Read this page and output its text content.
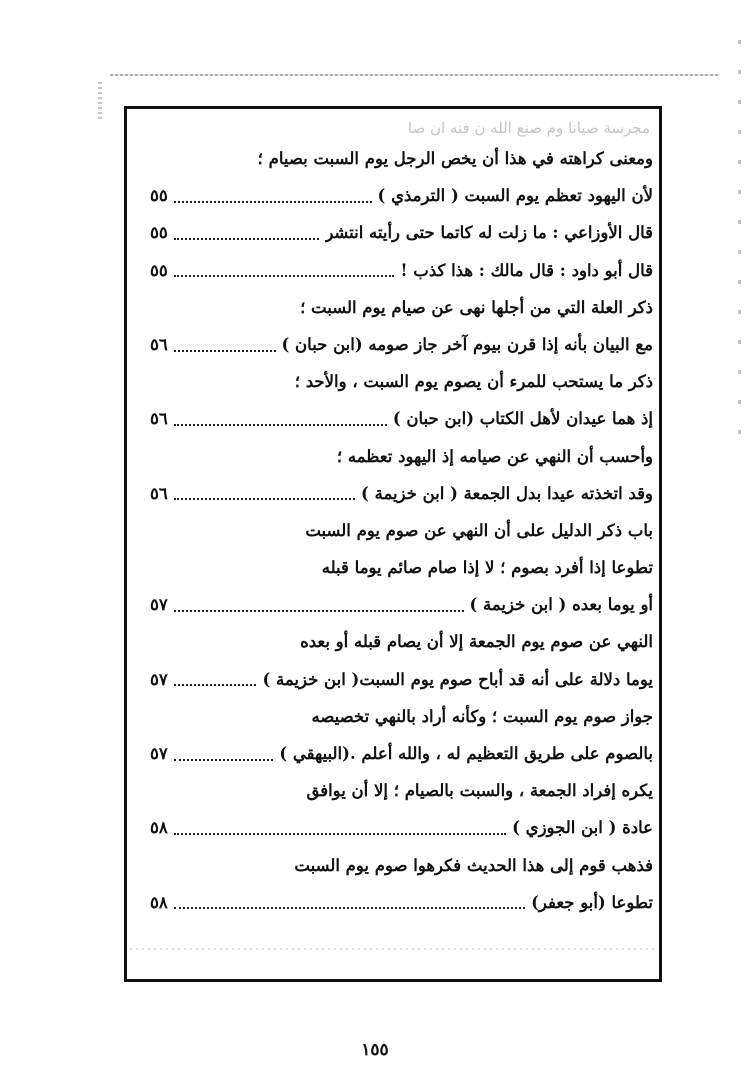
مجرسة صيانا وم صنع الله ن فنه ان صا
ومعنى كراهته في هذا أن يخص الرجل يوم السبت بصيام ؛
لأن اليهود تعظم يوم السبت ( الترمذي )
٥٥
قال الأوزاعي : ما زلت له كاتما حتى رأيته انتشر
٥٥
قال أبو داود : قال مالك : هذا كذب !
٥٥
ذكر العلة التي من أجلها نهى عن صيام يوم السبت ؛
مع البيان بأنه إذا قرن بيوم آخر جاز صومه (ابن حبان )
٥٦
ذكر ما يستحب للمرء أن يصوم يوم السبت ، والأحد ؛
إذ هما عيدان لأهل الكتاب (ابن حبان )
٥٦
وأحسب أن النهي عن صيامه إذ اليهود تعظمه ؛
وقد اتخذته عيدا بدل الجمعة ( ابن خزيمة )
٥٦
باب ذكر الدليل على أن النهي عن صوم يوم السبت
تطوعا إذا أفرد بصوم ؛ لا إذا صام صائم يوما قبله
أو يوما بعده ( ابن خزيمة )
٥٧
النهي عن صوم يوم الجمعة إلا أن يصام قبله أو بعده
يوما دلالة على أنه قد أباح صوم يوم السبت( ابن خزيمة )
٥٧
جواز صوم يوم السبت ؛ وكأنه أراد بالنهي تخصيصه
بالصوم على طريق التعظيم له ، والله أعلم .(البيهقي )
٥٧
يكره إفراد الجمعة ، والسبت بالصيام ؛ إلا أن يوافق
عادة ( ابن الجوزي )
٥٨
فذهب قوم إلى هذا الحديث فكرهوا صوم يوم السبت
تطوعا (أبو جعفر)
٥٨
١٥٥
